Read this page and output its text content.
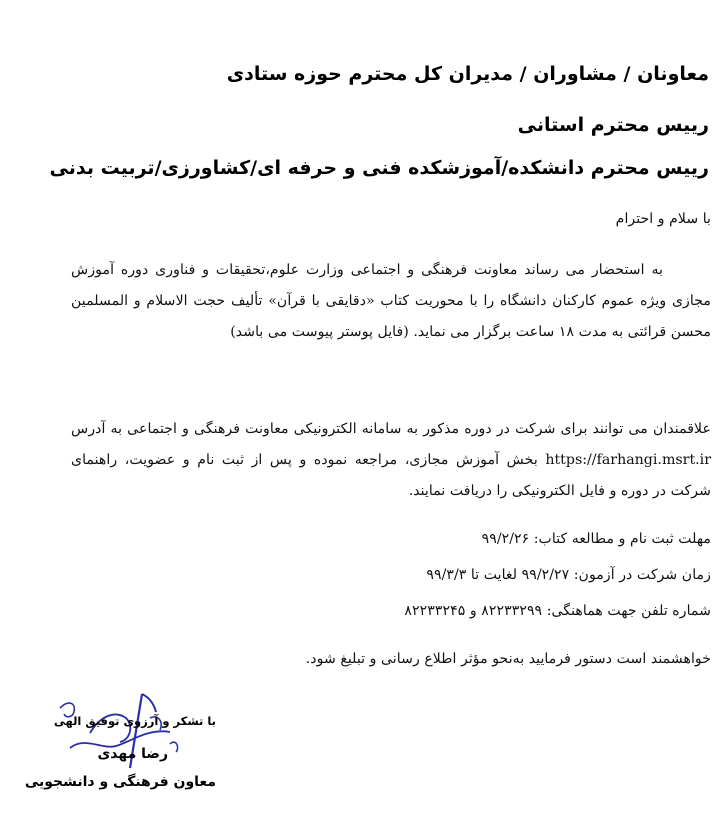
معاونان / مشاوران / مدیران کل محترم حوزه ستادی
رییس محترم استانی
رییس محترم دانشکده/آموزشکده فنی و حرفه ای/کشاورزی/تربیت بدنی
با سلام و احترام
به استحضار می رساند معاونت فرهنگی و اجتماعی وزارت علوم،تحقیقات و فناوری دوره آموزش مجازی ویژه عموم کارکنان دانشگاه را با محوریت کتاب «دقایقی با قرآن» تألیف حجت الاسلام و المسلمین محسن قرائتی به مدت ۱۸ ساعت برگزار می نماید. (فایل پوستر پیوست می باشد)
علاقمندان می توانند برای شرکت در دوره مذکور به سامانه الکترونیکی معاونت فرهنگی و اجتماعی به آدرس https://farhangi.msrt.ir بخش آموزش مجازی، مراجعه نموده و پس از ثبت نام و عضویت، راهنمای شرکت در دوره و فایل الکترونیکی را دریافت نمایند.
مهلت ثبت نام و مطالعه کتاب: ۹۹/۲/۲۶
زمان شرکت در آزمون: ۹۹/۲/۲۷ لغایت تا ۹۹/۳/۳
شماره تلفن جهت هماهنگی: ۸۲۲۳۳۲۹۹ و ۸۲۲۳۳۲۴۵
خواهشمند است دستور فرمایید به‌نحو مؤثر اطلاع رسانی و تبلیغ شود.
با تشکر و آرزوی توفیق الهی
رضا مهدی
معاون فرهنگی و دانشجویی
